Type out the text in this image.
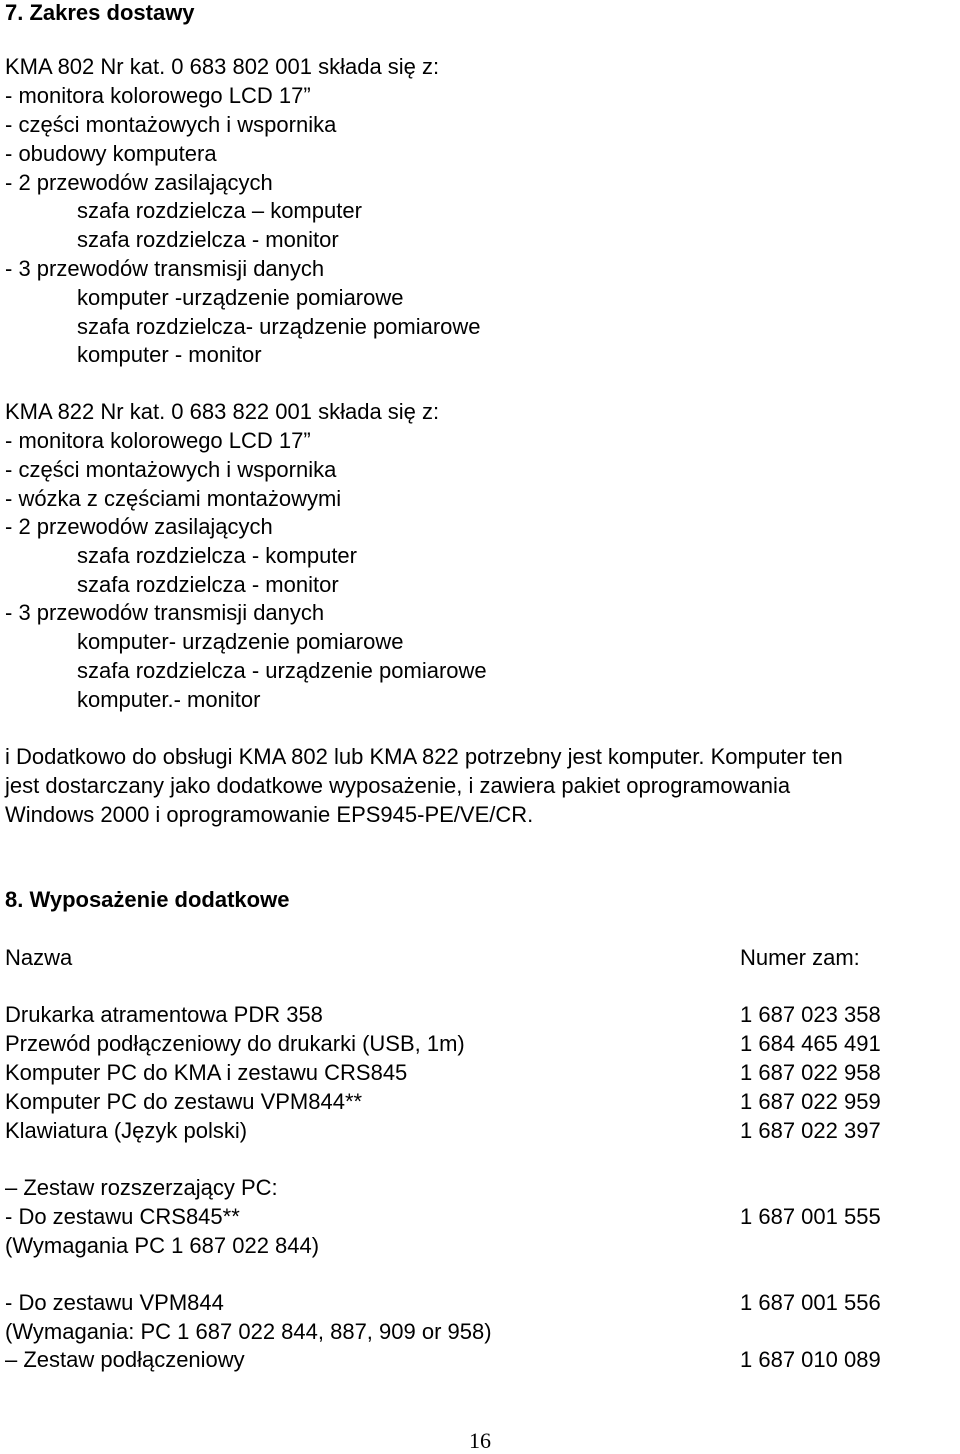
7. Zakres dostawy
KMA 802 Nr kat. 0 683 802 001 składa się z:
- monitora kolorowego LCD 17”
- części montażowych i wspornika
- obudowy komputera
- 2 przewodów zasilających
szafa rozdzielcza – komputer
szafa rozdzielcza - monitor
- 3 przewodów transmisji danych
komputer -urządzenie pomiarowe
szafa rozdzielcza- urządzenie pomiarowe
komputer - monitor
KMA 822 Nr kat. 0 683 822 001 składa się z:
- monitora kolorowego LCD 17”
- części montażowych i wspornika
- wózka z częściami montażowymi
- 2 przewodów zasilających
szafa rozdzielcza - komputer
szafa rozdzielcza - monitor
- 3 przewodów transmisji danych
komputer- urządzenie pomiarowe
szafa rozdzielcza - urządzenie pomiarowe
komputer.- monitor
i Dodatkowo do obsługi KMA 802 lub KMA 822 potrzebny jest komputer. Komputer ten
jest dostarczany jako dodatkowe wyposażenie, i zawiera pakiet oprogramowania
Windows 2000 i oprogramowanie EPS945-PE/VE/CR.
8. Wyposażenie dodatkowe
Nazwa	Numer zam:
Drukarka atramentowa PDR 358	1 687 023 358
Przewód podłączeniowy do drukarki (USB, 1m)	1 684 465 491
Komputer PC do KMA i zestawu CRS845	1 687 022 958
Komputer PC do zestawu VPM844**	1 687 022 959
Klawiatura (Język polski)	1 687 022 397
– Zestaw rozszerzający PC:
- Do zestawu CRS845**	1 687 001 555
(Wymagania PC 1 687 022 844)
- Do zestawu VPM844	1 687 001 556
(Wymagania: PC 1 687 022 844, 887, 909 or 958)
– Zestaw podłączeniowy	1 687 010 089
16
